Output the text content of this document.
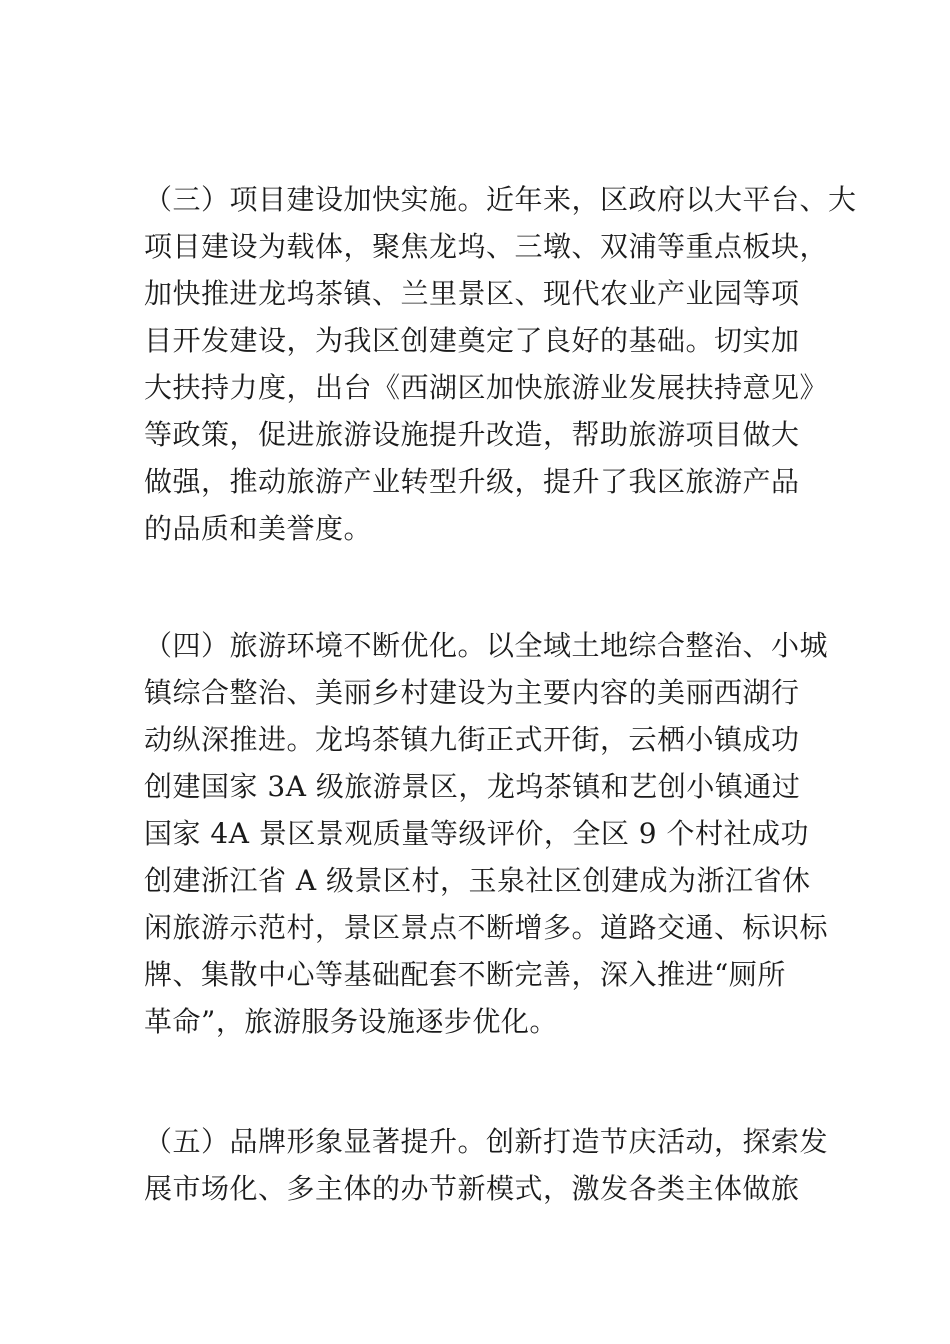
（三）项目建设加快实施。近年来，区政府以大平台、大
项目建设为载体，聚焦龙坞、三墩、双浦等重点板块，
加快推进龙坞茶镇、兰里景区、现代农业产业园等项
目开发建设，为我区创建奠定了良好的基础。切实加
大扶持力度，出台《西湖区加快旅游业发展扶持意见》
等政策，促进旅游设施提升改造，帮助旅游项目做大
做强，推动旅游产业转型升级，提升了我区旅游产品
的品质和美誉度。
（四）旅游环境不断优化。以全域土地综合整治、小城
镇综合整治、美丽乡村建设为主要内容的美丽西湖行
动纵深推进。龙坞茶镇九街正式开街，云栖小镇成功
创建国家 3A 级旅游景区，龙坞茶镇和艺创小镇通过
国家 4A 景区景观质量等级评价，全区 9 个村社成功
创建浙江省 A 级景区村，玉泉社区创建成为浙江省休
闲旅游示范村，景区景点不断增多。道路交通、标识标
牌、集散中心等基础配套不断完善，深入推进“厕所
革命”，旅游服务设施逐步优化。
（五）品牌形象显著提升。创新打造节庆活动，探索发
展市场化、多主体的办节新模式，激发各类主体做旅
